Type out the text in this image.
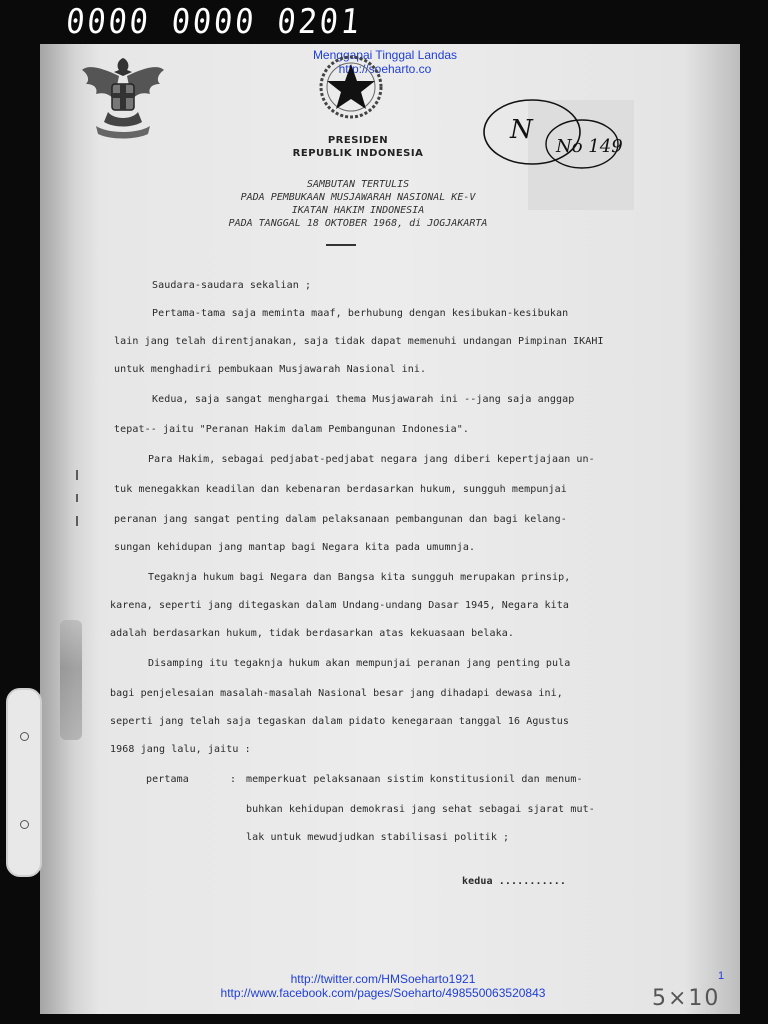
0000 0000 0201
Menggapai Tinggal Landas
http://soeharto.co
PRESIDEN
REPUBLIK INDONESIA
N
No 149
SAMBUTAN TERTULIS
PADA PEMBUKAAN MUSJAWARAH NASIONAL KE-V
IKATAN HAKIM INDONESIA
PADA TANGGAL 18 OKTOBER 1968, di JOGJAKARTA
Saudara-saudara sekalian ;
Pertama-tama saja meminta maaf, berhubung dengan kesibukan-kesibukan
lain jang telah direntjanakan, saja tidak dapat memenuhi undangan Pimpinan IKAHI
untuk menghadiri pembukaan Musjawarah Nasional ini.
Kedua, saja sangat menghargai thema Musjawarah ini --jang saja anggap
tepat-- jaitu "Peranan Hakim dalam Pembangunan Indonesia".
Para Hakim, sebagai pedjabat-pedjabat negara jang diberi kepertjajaan un-
tuk menegakkan keadilan dan kebenaran berdasarkan hukum, sungguh mempunjai
peranan jang sangat penting dalam pelaksanaan pembangunan dan bagi kelang-
sungan kehidupan jang mantap bagi Negara kita pada umumnja.
Tegaknja hukum bagi Negara dan Bangsa kita sungguh merupakan prinsip,
karena, seperti jang ditegaskan dalam Undang-undang Dasar 1945, Negara kita
adalah berdasarkan hukum, tidak berdasarkan atas kekuasaan belaka.
Disamping itu tegaknja hukum akan mempunjai peranan jang penting pula
bagi penjelesaian masalah-masalah Nasional besar jang dihadapi dewasa ini,
seperti jang telah saja tegaskan dalam pidato kenegaraan tanggal 16 Agustus
1968 jang lalu, jaitu :
pertama	: memperkuat pelaksanaan sistim konstitusionil dan menum-
buhkan kehidupan demokrasi jang sehat sebagai sjarat mut-
lak untuk mewudjudkan stabilisasi politik ;
kedua ...........
http://twitter.com/HMSoeharto1921
http://www.facebook.com/pages/Soeharto/498550063520843
1
5×10
